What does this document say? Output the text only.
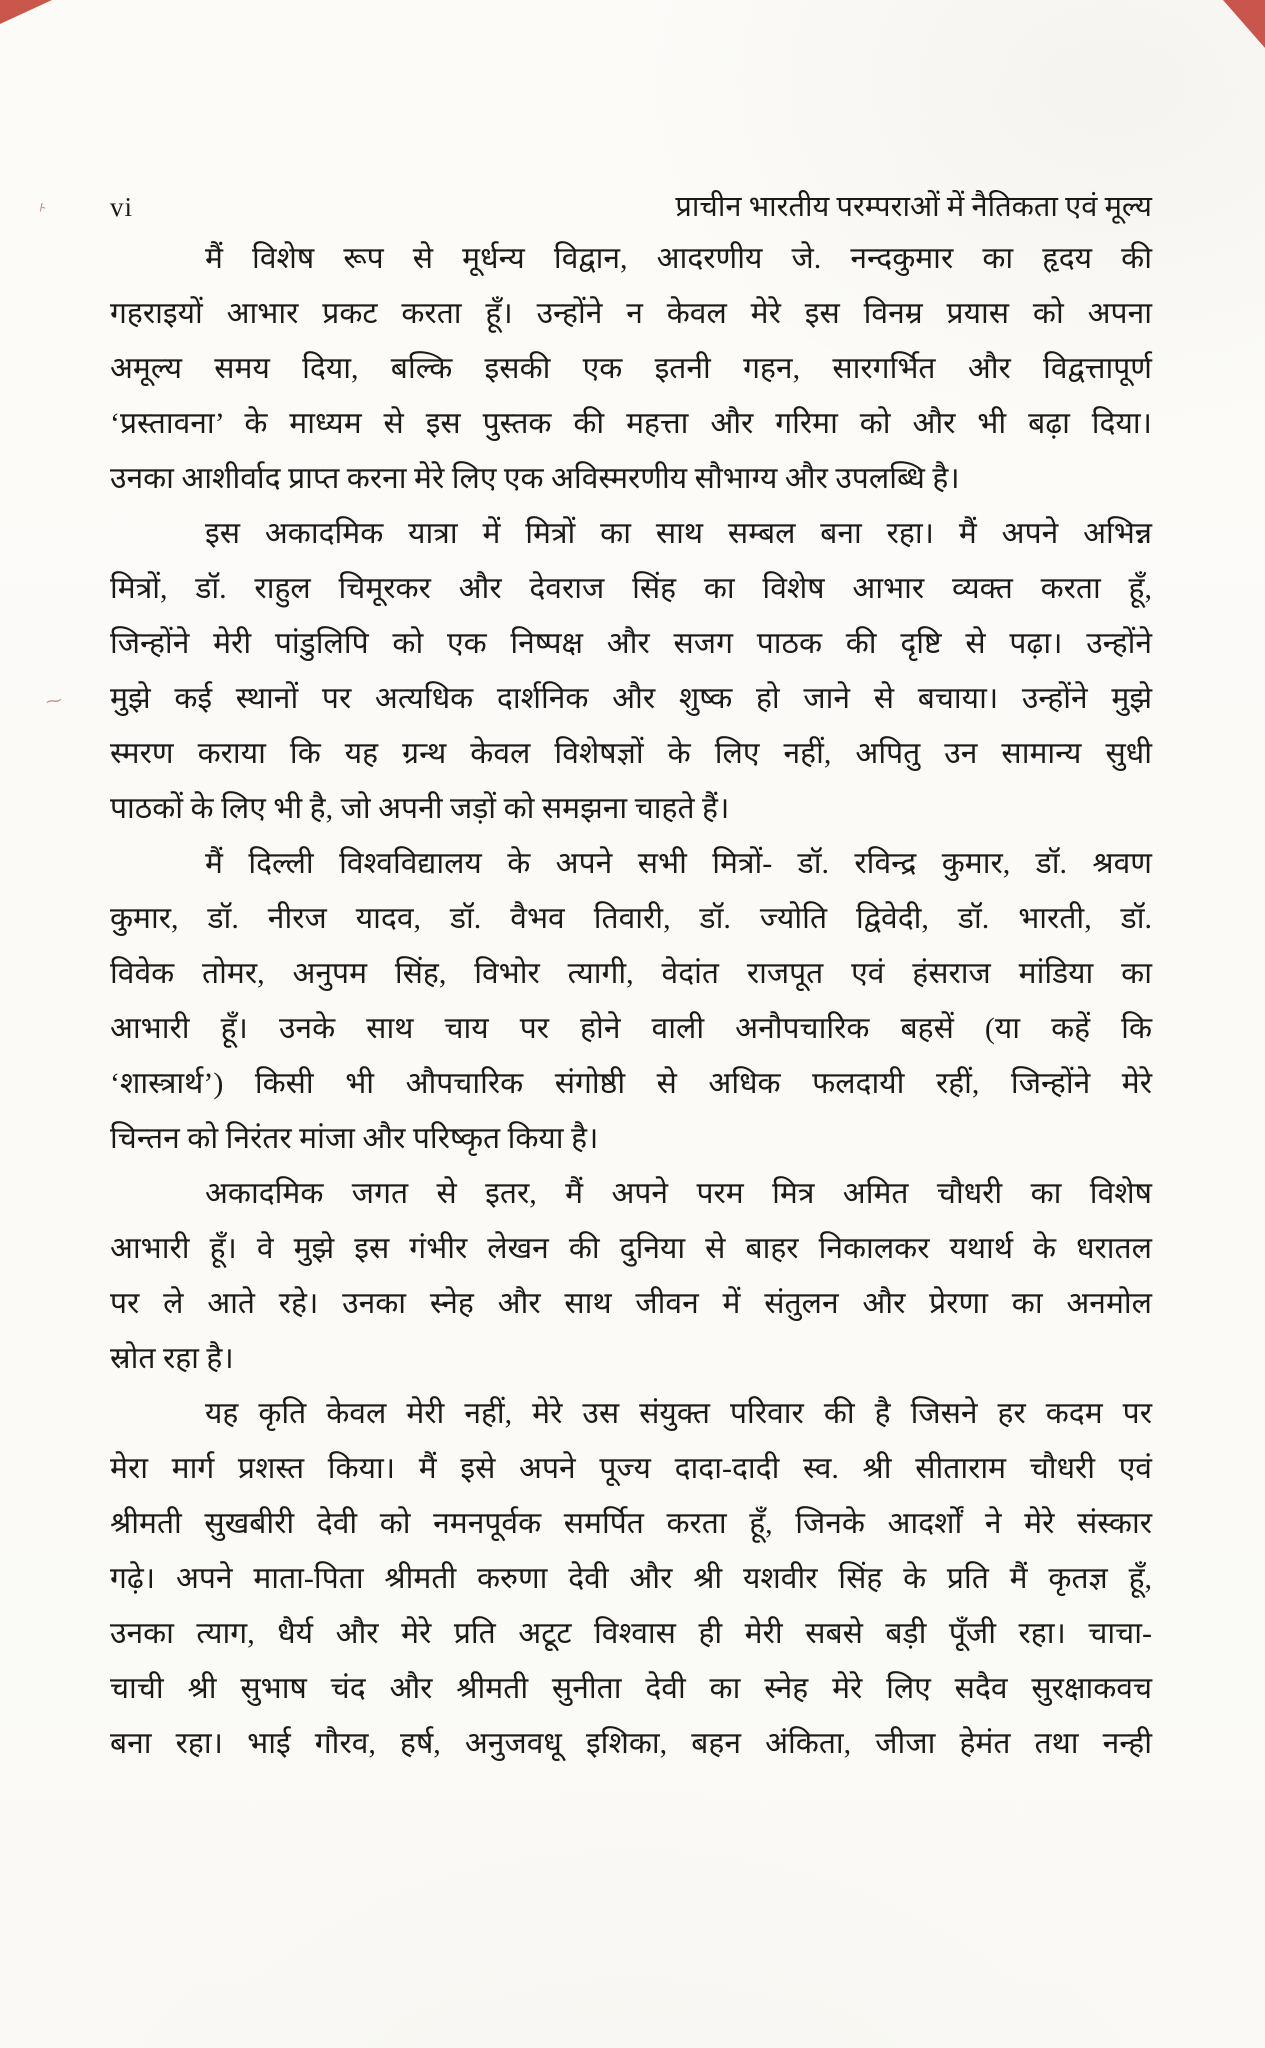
˫
⁓
vi	प्राचीन भारतीय परम्पराओं में नैतिकता एवं मूल्य
मैं विशेष रूप से मूर्धन्य विद्वान, आदरणीय जे. नन्दकुमार का हृदय की
गहराइयों आभार प्रकट करता हूँ। उन्होंने न केवल मेरे इस विनम्र प्रयास को अपना
अमूल्य समय दिया, बल्कि इसकी एक इतनी गहन, सारगर्भित और विद्वत्तापूर्ण
‘प्रस्तावना’ के माध्यम से इस पुस्तक की महत्ता और गरिमा को और भी बढ़ा दिया।
उनका आशीर्वाद प्राप्त करना मेरे लिए एक अविस्मरणीय सौभाग्य और उपलब्धि है।
इस अकादमिक यात्रा में मित्रों का साथ सम्बल बना रहा। मैं अपने अभिन्न
मित्रों, डॉ. राहुल चिमूरकर और देवराज सिंह का विशेष आभार व्यक्त करता हूँ,
जिन्होंने मेरी पांडुलिपि को एक निष्पक्ष और सजग पाठक की दृष्टि से पढ़ा। उन्होंने
मुझे कई स्थानों पर अत्यधिक दार्शनिक और शुष्क हो जाने से बचाया। उन्होंने मुझे
स्मरण कराया कि यह ग्रन्थ केवल विशेषज्ञों के लिए नहीं, अपितु उन सामान्य सुधी
पाठकों के लिए भी है, जो अपनी जड़ों को समझना चाहते हैं।
मैं दिल्ली विश्वविद्यालय के अपने सभी मित्रों- डॉ. रविन्द्र कुमार, डॉ. श्रवण
कुमार, डॉ. नीरज यादव, डॉ. वैभव तिवारी, डॉ. ज्योति द्विवेदी, डॉ. भारती, डॉ.
विवेक तोमर, अनुपम सिंह, विभोर त्यागी, वेदांत राजपूत एवं हंसराज मांडिया का
आभारी हूँ। उनके साथ चाय पर होने वाली अनौपचारिक बहसें (या कहें कि
‘शास्त्रार्थ’) किसी भी औपचारिक संगोष्ठी से अधिक फलदायी रहीं, जिन्होंने मेरे
चिन्तन को निरंतर मांजा और परिष्कृत किया है।
अकादमिक जगत से इतर, मैं अपने परम मित्र अमित चौधरी का विशेष
आभारी हूँ। वे मुझे इस गंभीर लेखन की दुनिया से बाहर निकालकर यथार्थ के धरातल
पर ले आते रहे। उनका स्नेह और साथ जीवन में संतुलन और प्रेरणा का अनमोल
स्रोत रहा है।
यह कृति केवल मेरी नहीं, मेरे उस संयुक्त परिवार की है जिसने हर कदम पर
मेरा मार्ग प्रशस्त किया। मैं इसे अपने पूज्य दादा-दादी स्व. श्री सीताराम चौधरी एवं
श्रीमती सुखबीरी देवी को नमनपूर्वक समर्पित करता हूँ, जिनके आदर्शों ने मेरे संस्कार
गढ़े। अपने माता-पिता श्रीमती करुणा देवी और श्री यशवीर सिंह के प्रति मैं कृतज्ञ हूँ,
उनका त्याग, धैर्य और मेरे प्रति अटूट विश्वास ही मेरी सबसे बड़ी पूँजी रहा। चाचा-
चाची श्री सुभाष चंद और श्रीमती सुनीता देवी का स्नेह मेरे लिए सदैव सुरक्षाकवच
बना रहा। भाई गौरव, हर्ष, अनुजवधू इशिका, बहन अंकिता, जीजा हेमंत तथा नन्ही
